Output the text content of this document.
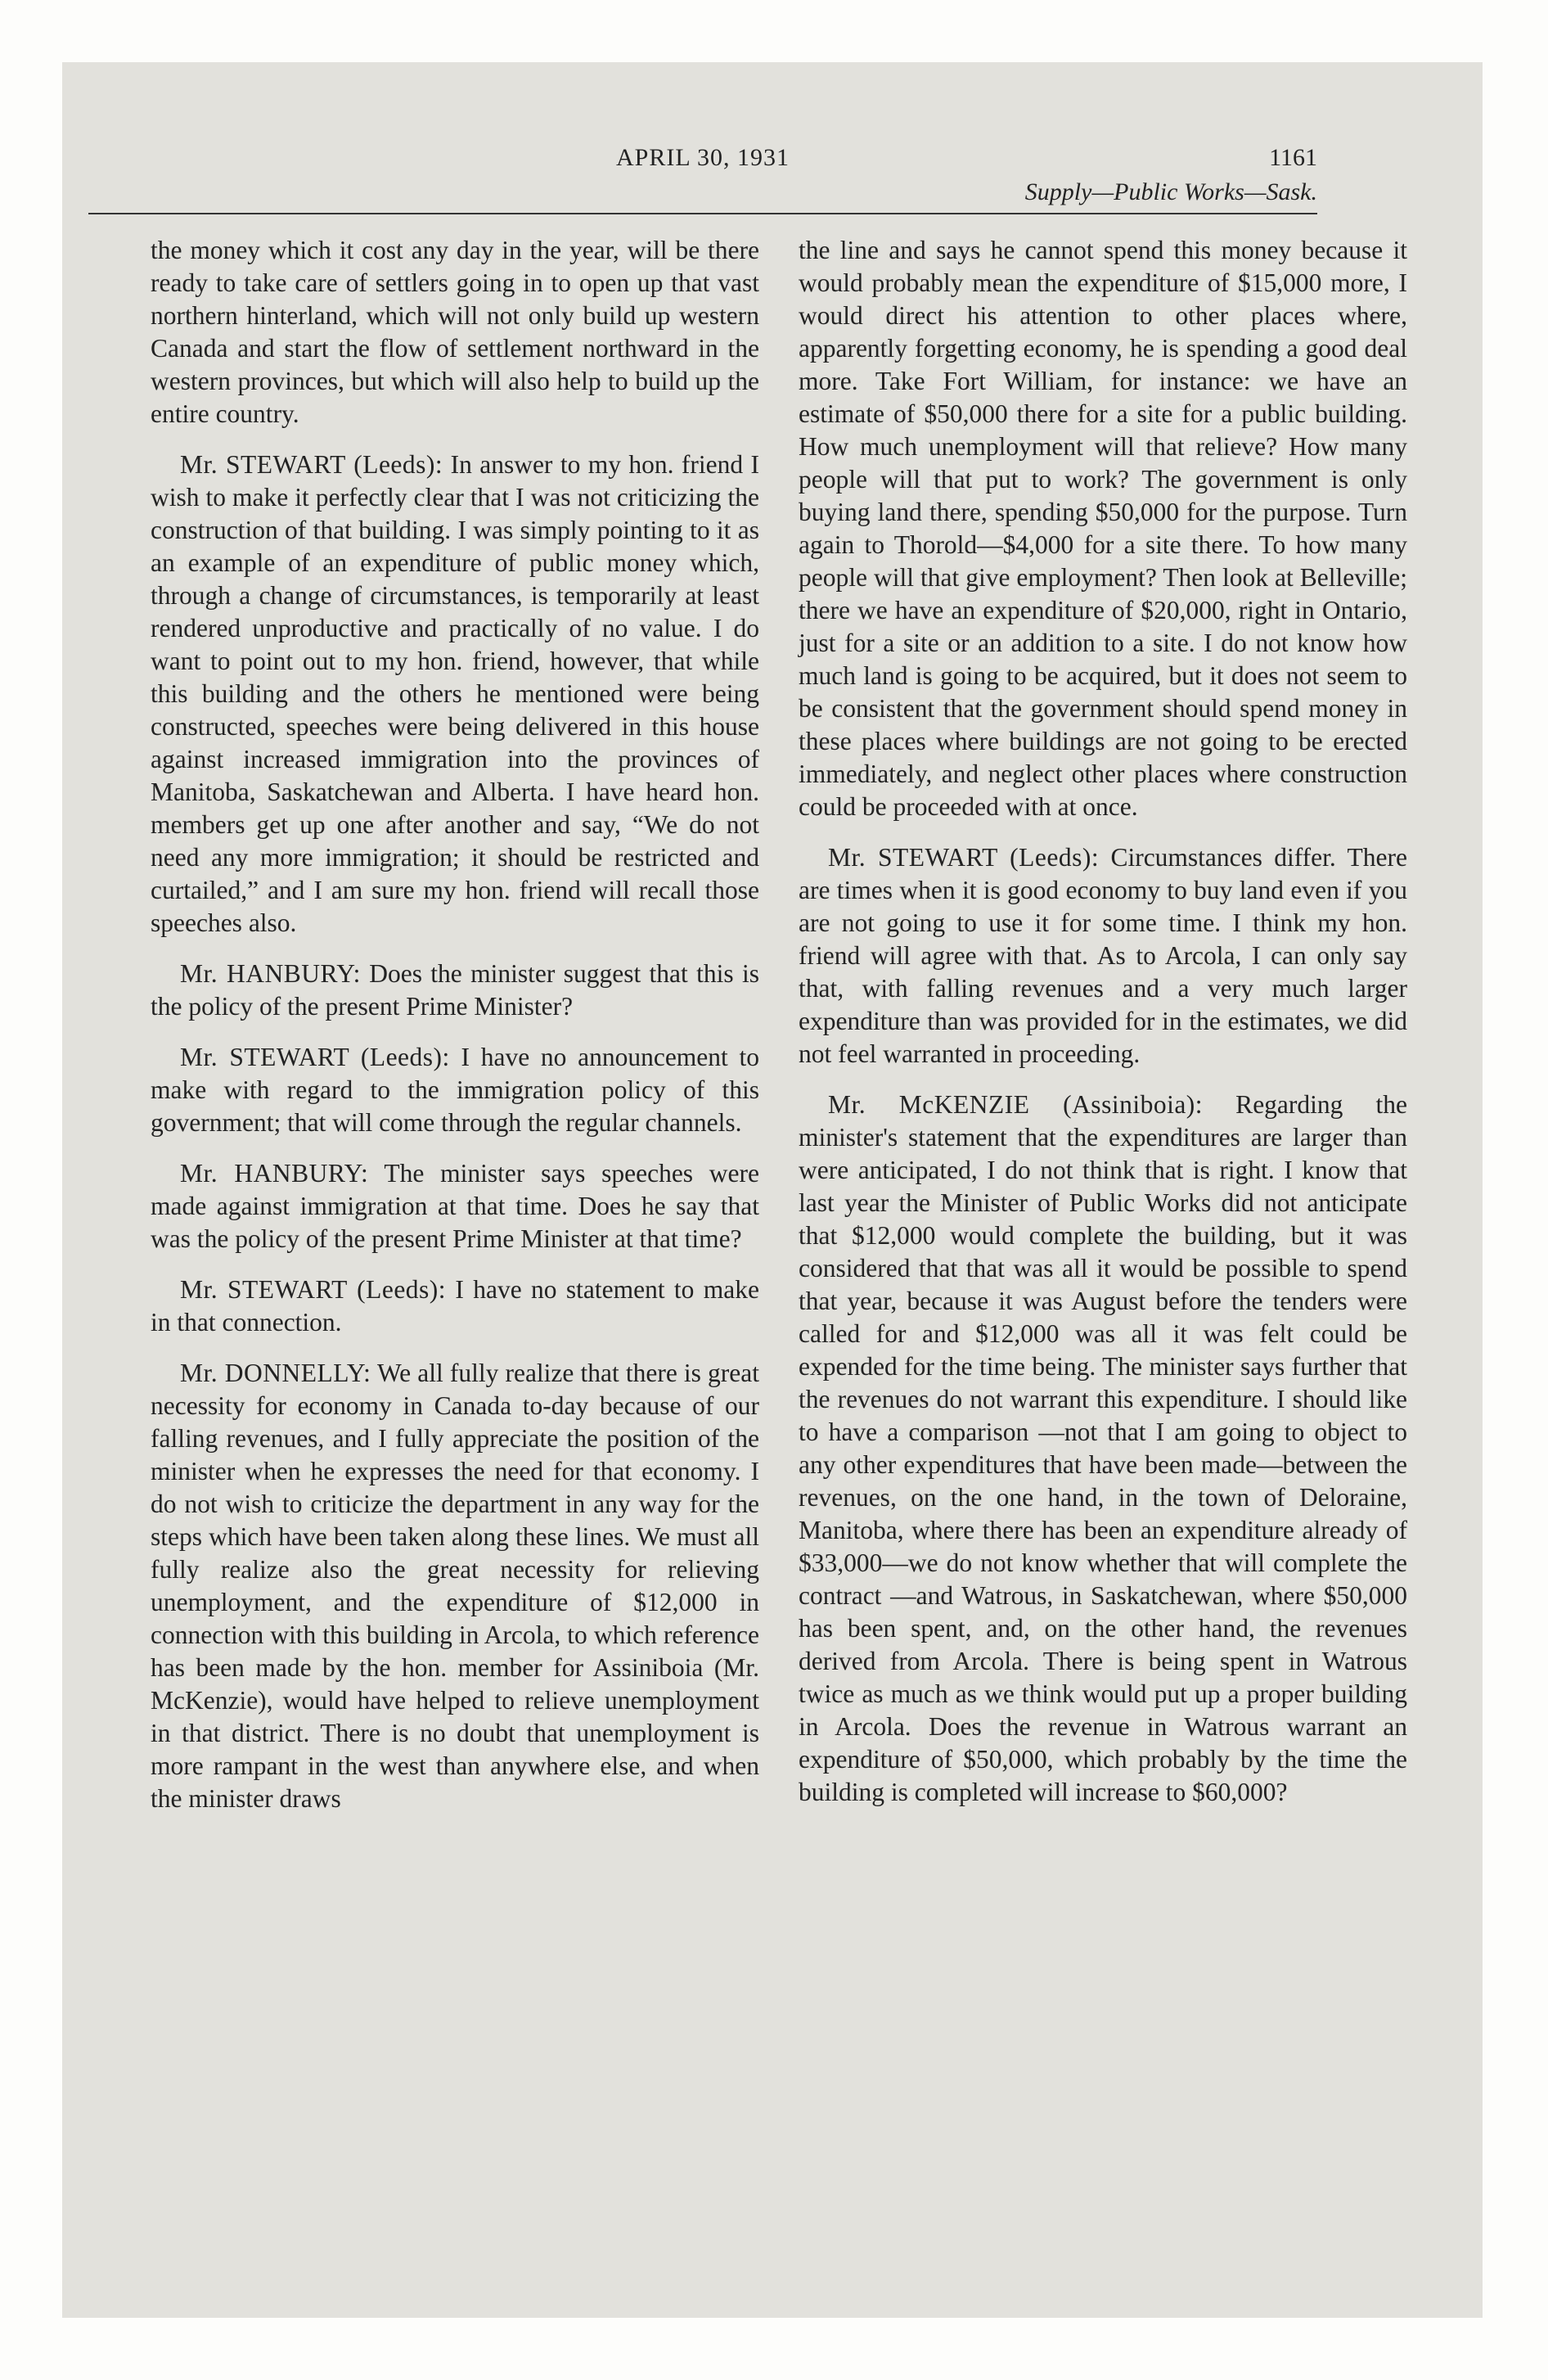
APRIL 30, 1931	1161
Supply—Public Works—Sask.

the money which it cost any day in the year, will be there ready to take care of settlers going in to open up that vast northern hinterland, which will not only build up western Canada and start the flow of settlement northward in the western provinces, but which will also help to build up the entire country.

Mr. STEWART (Leeds): In answer to my hon. friend I wish to make it perfectly clear that I was not criticizing the construction of that building. I was simply pointing to it as an example of an expenditure of public money which, through a change of circumstances, is temporarily at least rendered unproductive and practically of no value. I do want to point out to my hon. friend, however, that while this building and the others he mentioned were being constructed, speeches were being delivered in this house against increased immigration into the provinces of Manitoba, Saskatchewan and Alberta. I have heard hon. members get up one after another and say, “We do not need any more immigration; it should be restricted and curtailed,” and I am sure my hon. friend will recall those speeches also.

Mr. HANBURY: Does the minister suggest that this is the policy of the present Prime Minister?

Mr. STEWART (Leeds): I have no announcement to make with regard to the immigration policy of this government; that will come through the regular channels.

Mr. HANBURY: The minister says speeches were made against immigration at that time. Does he say that was the policy of the present Prime Minister at that time?

Mr. STEWART (Leeds): I have no statement to make in that connection.

Mr. DONNELLY: We all fully realize that there is great necessity for economy in Canada to-day because of our falling revenues, and I fully appreciate the position of the minister when he expresses the need for that economy. I do not wish to criticize the department in any way for the steps which have been taken along these lines. We must all fully realize also the great necessity for relieving unemployment, and the expenditure of $12,000 in connection with this building in Arcola, to which reference has been made by the hon. member for Assiniboia (Mr. McKenzie), would have helped to relieve unemployment in that district. There is no doubt that unemployment is more rampant in the west than anywhere else, and when the minister draws

the line and says he cannot spend this money because it would probably mean the expenditure of $15,000 more, I would direct his attention to other places where, apparently forgetting economy, he is spending a good deal more. Take Fort William, for instance: we have an estimate of $50,000 there for a site for a public building. How much unemployment will that relieve? How many people will that put to work? The government is only buying land there, spending $50,000 for the purpose. Turn again to Thorold—$4,000 for a site there. To how many people will that give employment? Then look at Belleville; there we have an expenditure of $20,000, right in Ontario, just for a site or an addition to a site. I do not know how much land is going to be acquired, but it does not seem to be consistent that the government should spend money in these places where buildings are not going to be erected immediately, and neglect other places where construction could be proceeded with at once.

Mr. STEWART (Leeds): Circumstances differ. There are times when it is good economy to buy land even if you are not going to use it for some time. I think my hon. friend will agree with that. As to Arcola, I can only say that, with falling revenues and a very much larger expenditure than was provided for in the estimates, we did not feel warranted in proceeding.

Mr. McKENZIE (Assiniboia): Regarding the minister's statement that the expenditures are larger than were anticipated, I do not think that is right. I know that last year the Minister of Public Works did not anticipate that $12,000 would complete the building, but it was considered that that was all it would be possible to spend that year, because it was August before the tenders were called for and $12,000 was all it was felt could be expended for the time being. The minister says further that the revenues do not warrant this expenditure. I should like to have a comparison —not that I am going to object to any other expenditures that have been made—between the revenues, on the one hand, in the town of Deloraine, Manitoba, where there has been an expenditure already of $33,000—we do not know whether that will complete the contract —and Watrous, in Saskatchewan, where $50,000 has been spent, and, on the other hand, the revenues derived from Arcola. There is being spent in Watrous twice as much as we think would put up a proper building in Arcola. Does the revenue in Watrous warrant an expenditure of $50,000, which probably by the time the building is completed will increase to $60,000?
